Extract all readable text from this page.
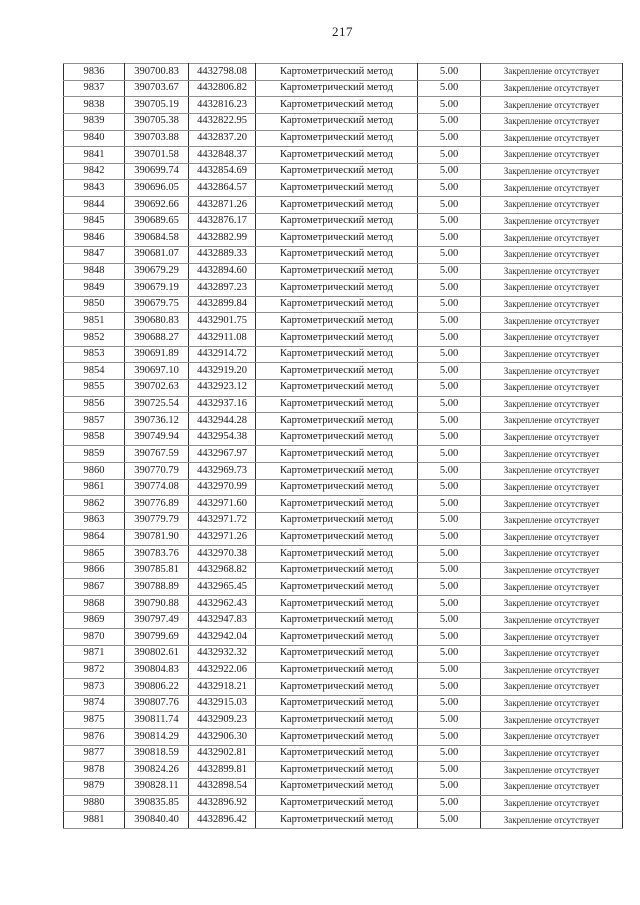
217
9836	390700.83	4432798.08	Картометрический метод	5.00	Закрепление отсутствует
9837	390703.67	4432806.82	Картометрический метод	5.00	Закрепление отсутствует
9838	390705.19	4432816.23	Картометрический метод	5.00	Закрепление отсутствует
9839	390705.38	4432822.95	Картометрический метод	5.00	Закрепление отсутствует
9840	390703.88	4432837.20	Картометрический метод	5.00	Закрепление отсутствует
9841	390701.58	4432848.37	Картометрический метод	5.00	Закрепление отсутствует
9842	390699.74	4432854.69	Картометрический метод	5.00	Закрепление отсутствует
9843	390696.05	4432864.57	Картометрический метод	5.00	Закрепление отсутствует
9844	390692.66	4432871.26	Картометрический метод	5.00	Закрепление отсутствует
9845	390689.65	4432876.17	Картометрический метод	5.00	Закрепление отсутствует
9846	390684.58	4432882.99	Картометрический метод	5.00	Закрепление отсутствует
9847	390681.07	4432889.33	Картометрический метод	5.00	Закрепление отсутствует
9848	390679.29	4432894.60	Картометрический метод	5.00	Закрепление отсутствует
9849	390679.19	4432897.23	Картометрический метод	5.00	Закрепление отсутствует
9850	390679.75	4432899.84	Картометрический метод	5.00	Закрепление отсутствует
9851	390680.83	4432901.75	Картометрический метод	5.00	Закрепление отсутствует
9852	390688.27	4432911.08	Картометрический метод	5.00	Закрепление отсутствует
9853	390691.89	4432914.72	Картометрический метод	5.00	Закрепление отсутствует
9854	390697.10	4432919.20	Картометрический метод	5.00	Закрепление отсутствует
9855	390702.63	4432923.12	Картометрический метод	5.00	Закрепление отсутствует
9856	390725.54	4432937.16	Картометрический метод	5.00	Закрепление отсутствует
9857	390736.12	4432944.28	Картометрический метод	5.00	Закрепление отсутствует
9858	390749.94	4432954.38	Картометрический метод	5.00	Закрепление отсутствует
9859	390767.59	4432967.97	Картометрический метод	5.00	Закрепление отсутствует
9860	390770.79	4432969.73	Картометрический метод	5.00	Закрепление отсутствует
9861	390774.08	4432970.99	Картометрический метод	5.00	Закрепление отсутствует
9862	390776.89	4432971.60	Картометрический метод	5.00	Закрепление отсутствует
9863	390779.79	4432971.72	Картометрический метод	5.00	Закрепление отсутствует
9864	390781.90	4432971.26	Картометрический метод	5.00	Закрепление отсутствует
9865	390783.76	4432970.38	Картометрический метод	5.00	Закрепление отсутствует
9866	390785.81	4432968.82	Картометрический метод	5.00	Закрепление отсутствует
9867	390788.89	4432965.45	Картометрический метод	5.00	Закрепление отсутствует
9868	390790.88	4432962.43	Картометрический метод	5.00	Закрепление отсутствует
9869	390797.49	4432947.83	Картометрический метод	5.00	Закрепление отсутствует
9870	390799.69	4432942.04	Картометрический метод	5.00	Закрепление отсутствует
9871	390802.61	4432932.32	Картометрический метод	5.00	Закрепление отсутствует
9872	390804.83	4432922.06	Картометрический метод	5.00	Закрепление отсутствует
9873	390806.22	4432918.21	Картометрический метод	5.00	Закрепление отсутствует
9874	390807.76	4432915.03	Картометрический метод	5.00	Закрепление отсутствует
9875	390811.74	4432909.23	Картометрический метод	5.00	Закрепление отсутствует
9876	390814.29	4432906.30	Картометрический метод	5.00	Закрепление отсутствует
9877	390818.59	4432902.81	Картометрический метод	5.00	Закрепление отсутствует
9878	390824.26	4432899.81	Картометрический метод	5.00	Закрепление отсутствует
9879	390828.11	4432898.54	Картометрический метод	5.00	Закрепление отсутствует
9880	390835.85	4432896.92	Картометрический метод	5.00	Закрепление отсутствует
9881	390840.40	4432896.42	Картометрический метод	5.00	Закрепление отсутствует
